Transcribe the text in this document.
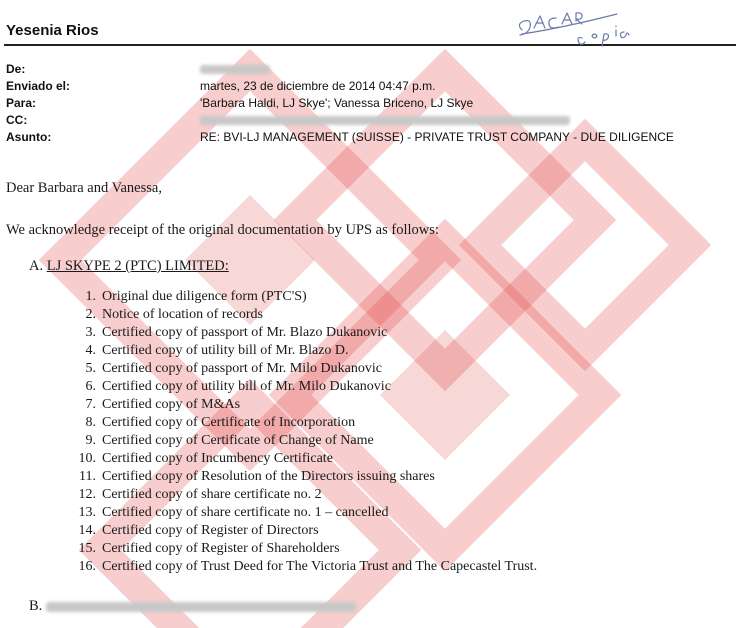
Yesenia Rios
De:
Enviado el:	martes, 23 de diciembre de 2014 04:47 p.m.
Para:	'Barbara Haldi, LJ Skye'; Vanessa Briceno, LJ Skye
CC:
Asunto:	RE: BVI-LJ MANAGEMENT (SUISSE) - PRIVATE TRUST COMPANY - DUE DILIGENCE
Dear Barbara and Vanessa,
We acknowledge receipt of the original documentation by UPS as follows:
A. LJ SKYPE 2 (PTC) LIMITED:
1. Original due diligence form (PTC'S)
2. Notice of location of records
3. Certified copy of passport of Mr. Blazo Dukanovic
4. Certified copy of utility bill of Mr. Blazo D.
5. Certified copy of passport of Mr. Milo Dukanovic
6. Certified copy of utility bill of Mr. Milo Dukanovic
7. Certified copy of M&As
8. Certified copy of Certificate of Incorporation
9. Certified copy of Certificate of Change of Name
10. Certified copy of Incumbency Certificate
11. Certified copy of Resolution of the Directors issuing shares
12. Certified copy of share certificate no. 2
13. Certified copy of share certificate no. 1 – cancelled
14. Certified copy of Register of Directors
15. Certified copy of Register of Shareholders
16. Certified copy of Trust Deed for The Victoria Trust and The Capecastel Trust.
B.
